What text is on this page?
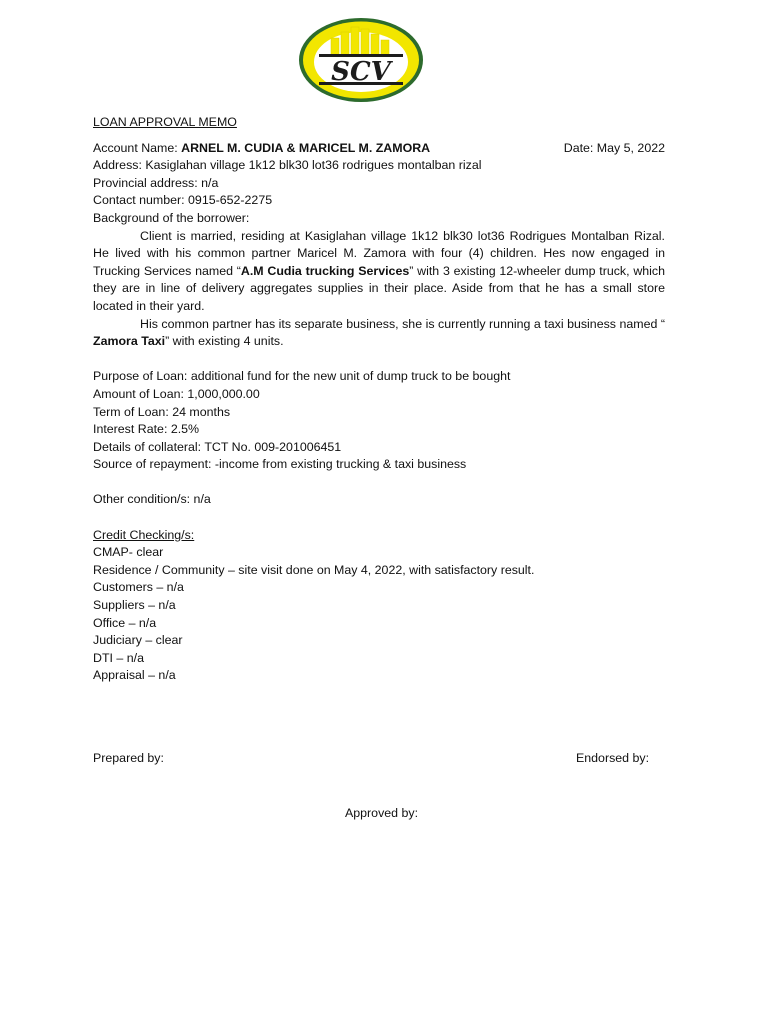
SCV
LOAN APPROVAL MEMO
Account Name: ARNEL M. CUDIA & MARICEL M. ZAMORA	Date: May 5, 2022
Address: Kasiglahan village 1k12 blk30 lot36 rodrigues montalban rizal
Provincial address: n/a
Contact number: 0915-652-2275
Background of the borrower:

Client is married, residing at Kasiglahan village 1k12 blk30 lot36 Rodrigues Montalban Rizal. He lived with his common partner Maricel M. Zamora with four (4) children. Hes now engaged in Trucking Services named “A.M Cudia trucking Services” with 3 existing 12-wheeler dump truck, which they are in line of delivery aggregates supplies in their place. Aside from that he has a small store located in their yard.

His common partner has its separate business, she is currently running a taxi business named “ Zamora Taxi” with existing 4 units.

Purpose of Loan: additional fund for the new unit of dump truck to be bought
Amount of Loan: 1,000,000.00
Term of Loan: 24 months
Interest Rate: 2.5%
Details of collateral: TCT No. 009-201006451
Source of repayment: -income from existing trucking & taxi business
Other condition/s: n/a
Credit Checking/s:
CMAP- clear
Residence / Community – site visit done on May 4, 2022, with satisfactory result.
Customers – n/a
Suppliers – n/a
Office – n/a
Judiciary – clear
DTI – n/a
Appraisal – n/a
Prepared by:	Endorsed by:
Approved by:
